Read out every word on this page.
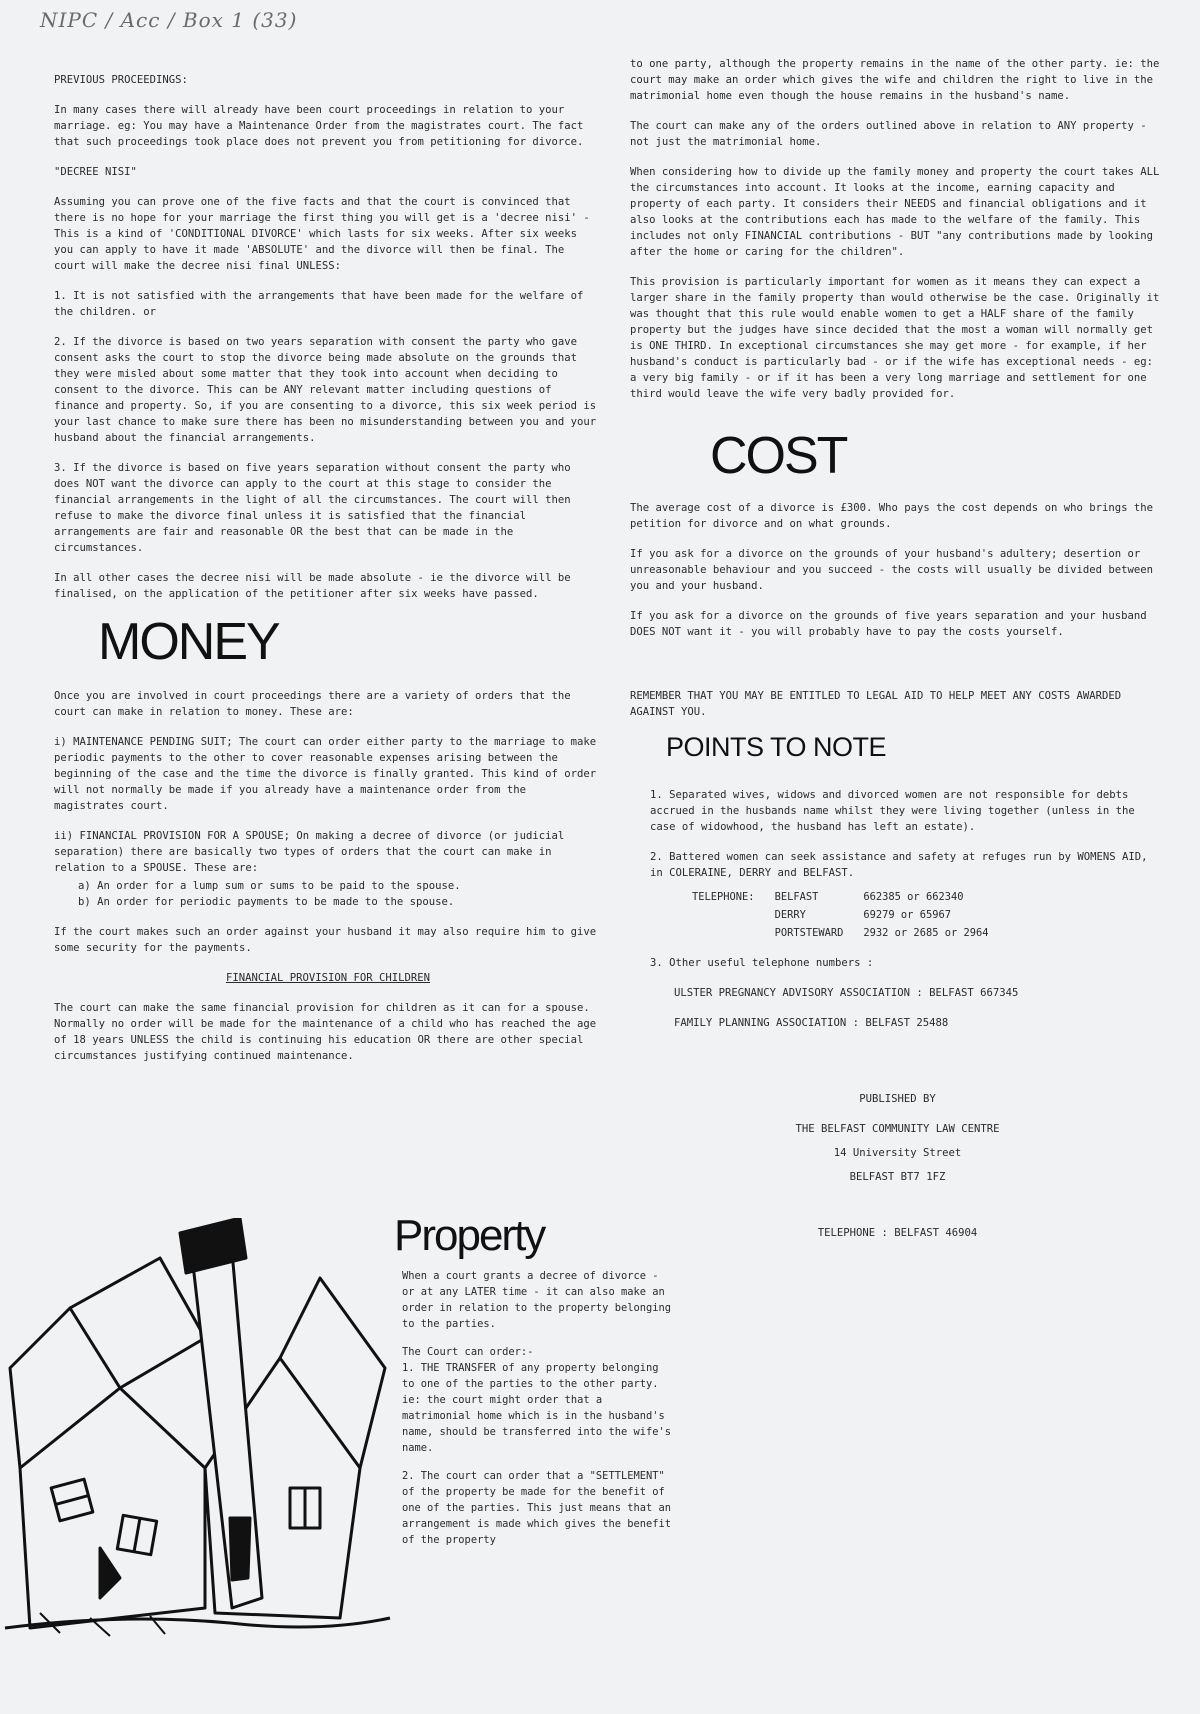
NIPC / Acc / Box 1 (33)

PREVIOUS PROCEEDINGS:

In many cases there will already have been court proceedings in relation to your marriage. eg: You may have a Maintenance Order from the magistrates court. The fact that such proceedings took place does not prevent you from petitioning for divorce.

"DECREE NISI"

Assuming you can prove one of the five facts and that the court is convinced that there is no hope for your marriage the first thing you will get is a 'decree nisi' - This is a kind of 'CONDITIONAL DIVORCE' which lasts for six weeks. After six weeks you can apply to have it made 'ABSOLUTE' and the divorce will then be final. The court will make the decree nisi final UNLESS:

1. It is not satisfied with the arrangements that have been made for the welfare of the children. or

2. If the divorce is based on two years separation with consent the party who gave consent asks the court to stop the divorce being made absolute on the grounds that they were misled about some matter that they took into account when deciding to consent to the divorce. This can be ANY relevant matter including questions of finance and property. So, if you are consenting to a divorce, this six week period is your last chance to make sure there has been no misunderstanding between you and your husband about the financial arrangements.

3. If the divorce is based on five years separation without consent the party who does NOT want the divorce can apply to the court at this stage to consider the financial arrangements in the light of all the circumstances. The court will then refuse to make the divorce final unless it is satisfied that the financial arrangements are fair and reasonable OR the best that can be made in the circumstances.

In all other cases the decree nisi will be made absolute - ie the divorce will be finalised, on the application of the petitioner after six weeks have passed.

MONEY

Once you are involved in court proceedings there are a variety of orders that the court can make in relation to money. These are:

i) MAINTENANCE PENDING SUIT; The court can order either party to the marriage to make periodic payments to the other to cover reasonable expenses arising between the beginning of the case and the time the divorce is finally granted. This kind of order will not normally be made if you already have a maintenance order from the magistrates court.

ii) FINANCIAL PROVISION FOR A SPOUSE; On making a decree of divorce (or judicial separation) there are basically two types of orders that the court can make in relation to a SPOUSE. These are:

a) An order for a lump sum or sums to be paid to the spouse.

b) An order for periodic payments to be made to the spouse.

If the court makes such an order against your husband it may also require him to give some security for the payments.

FINANCIAL PROVISION FOR CHILDREN

The court can make the same financial provision for children as it can for a spouse. Normally no order will be made for the maintenance of a child who has reached the age of 18 years UNLESS the child is continuing his education OR there are other special circumstances justifying continued maintenance.

Property

When a court grants a decree of divorce - or at any LATER time - it can also make an order in relation to the property belonging to the parties.

The Court can order:-

1. THE TRANSFER of any property belonging to one of the parties to the other party. ie: the court might order that a matrimonial home which is in the husband's name, should be transferred into the wife's name.

2. The court can order that a "SETTLEMENT" of the property be made for the benefit of one of the parties. This just means that an arrangement is made which gives the benefit of the property

to one party, although the property remains in the name of the other party. ie: the court may make an order which gives the wife and children the right to live in the matrimonial home even though the house remains in the husband's name.

The court can make any of the orders outlined above in relation to ANY property - not just the matrimonial home.

When considering how to divide up the family money and property the court takes ALL the circumstances into account. It looks at the income, earning capacity and property of each party. It considers their NEEDS and financial obligations and it also looks at the contributions each has made to the welfare of the family. This includes not only FINANCIAL contributions - BUT "any contributions made by looking after the home or caring for the children".

This provision is particularly important for women as it means they can expect a larger share in the family property than would otherwise be the case. Originally it was thought that this rule would enable women to get a HALF share of the family property but the judges have since decided that the most a woman will normally get is ONE THIRD. In exceptional circumstances she may get more - for example, if her husband's conduct is particularly bad - or if the wife has exceptional needs - eg: a very big family - or if it has been a very long marriage and settlement for one third would leave the wife very badly provided for.

COST

The average cost of a divorce is £300. Who pays the cost depends on who brings the petition for divorce and on what grounds.

If you ask for a divorce on the grounds of your husband's adultery; desertion or unreasonable behaviour and you succeed - the costs will usually be divided between you and your husband.

If you ask for a divorce on the grounds of five years separation and your husband DOES NOT want it - you will probably have to pay the costs yourself.

REMEMBER THAT YOU MAY BE ENTITLED TO LEGAL AID TO HELP MEET ANY COSTS AWARDED AGAINST YOU.

POINTS TO NOTE

1. Separated wives, widows and divorced women are not responsible for debts accrued in the husbands name whilst they were living together (unless in the case of widowhood, the husband has left an estate).

2. Battered women can seek assistance and safety at refuges run by WOMENS AID, in COLERAINE, DERRY and BELFAST.

TELEPHONE:	BELFAST	662385 or 662340
	DERRY	69279 or 65967
	PORTSTEWARD	2932 or 2685 or 2964

3. Other useful telephone numbers :

ULSTER PREGNANCY ADVISORY ASSOCIATION : BELFAST 667345

FAMILY PLANNING ASSOCIATION : BELFAST 25488

PUBLISHED BY

THE BELFAST COMMUNITY LAW CENTRE

14 University Street

BELFAST BT7 1FZ

TELEPHONE : BELFAST 46904
